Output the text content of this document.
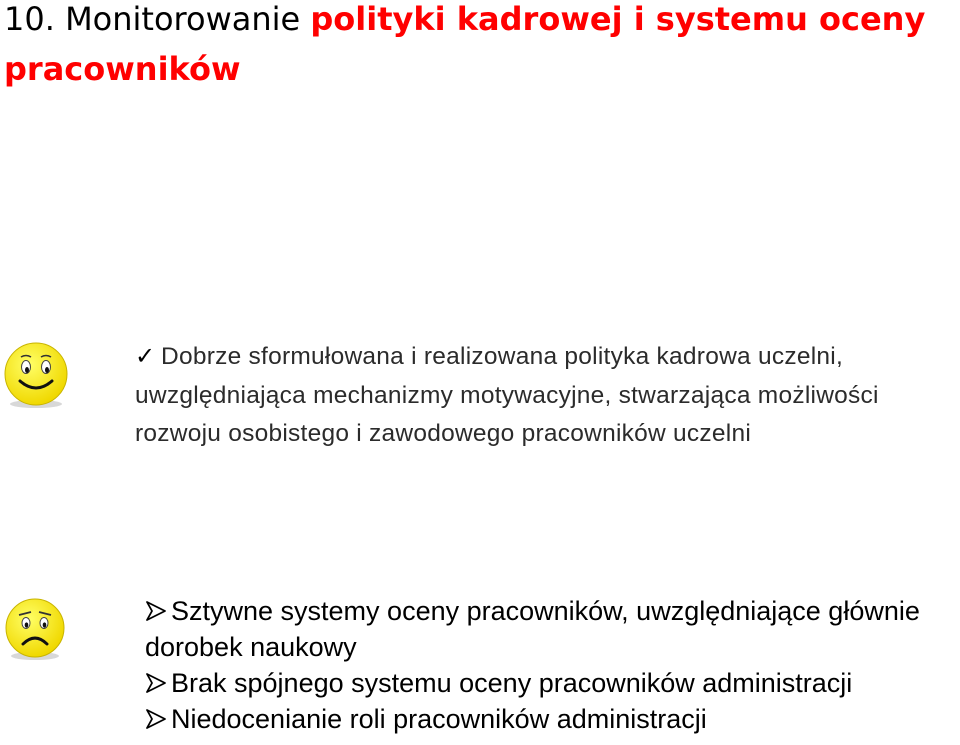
10. Monitorowanie polityki kadrowej i systemu oceny pracowników

✓ Dobrze sformułowana i realizowana polityka kadrowa uczelni, uwzględniająca mechanizmy motywacyjne, stwarzająca możliwości rozwoju osobistego i zawodowego pracowników uczelni

Sztywne systemy oceny pracowników, uwzględniające głównie dorobek naukowy

Brak spójnego systemu oceny pracowników administracji

Niedocenianie roli pracowników administracji
